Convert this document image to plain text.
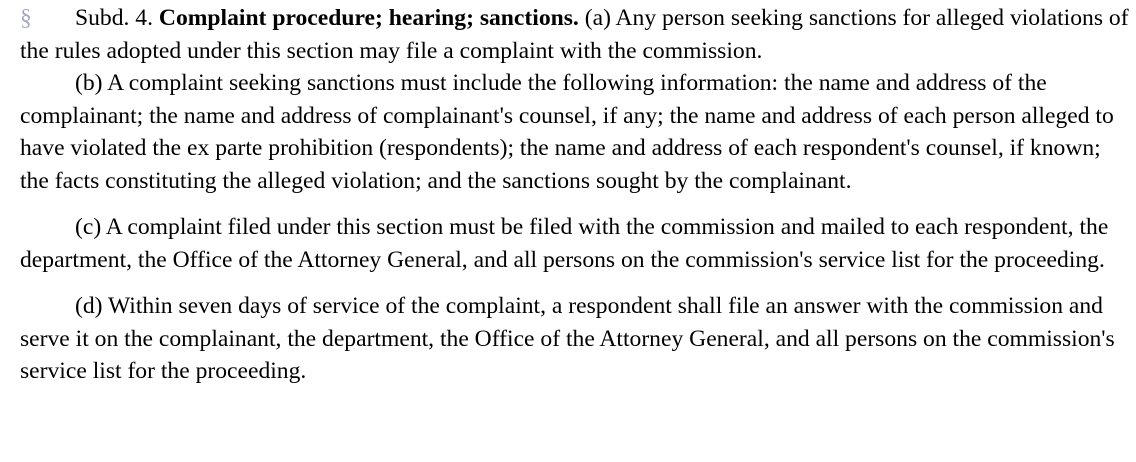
§ Subd. 4. Complaint procedure; hearing; sanctions. (a) Any person seeking sanctions for alleged violations of the rules adopted under this section may file a complaint with the commission.

(b) A complaint seeking sanctions must include the following information: the name and address of the complainant; the name and address of complainant's counsel, if any; the name and address of each person alleged to have violated the ex parte prohibition (respondents); the name and address of each respondent's counsel, if known; the facts constituting the alleged violation; and the sanctions sought by the complainant.

(c) A complaint filed under this section must be filed with the commission and mailed to each respondent, the department, the Office of the Attorney General, and all persons on the commission's service list for the proceeding.

(d) Within seven days of service of the complaint, a respondent shall file an answer with the commission and serve it on the complainant, the department, the Office of the Attorney General, and all persons on the commission's service list for the proceeding.
